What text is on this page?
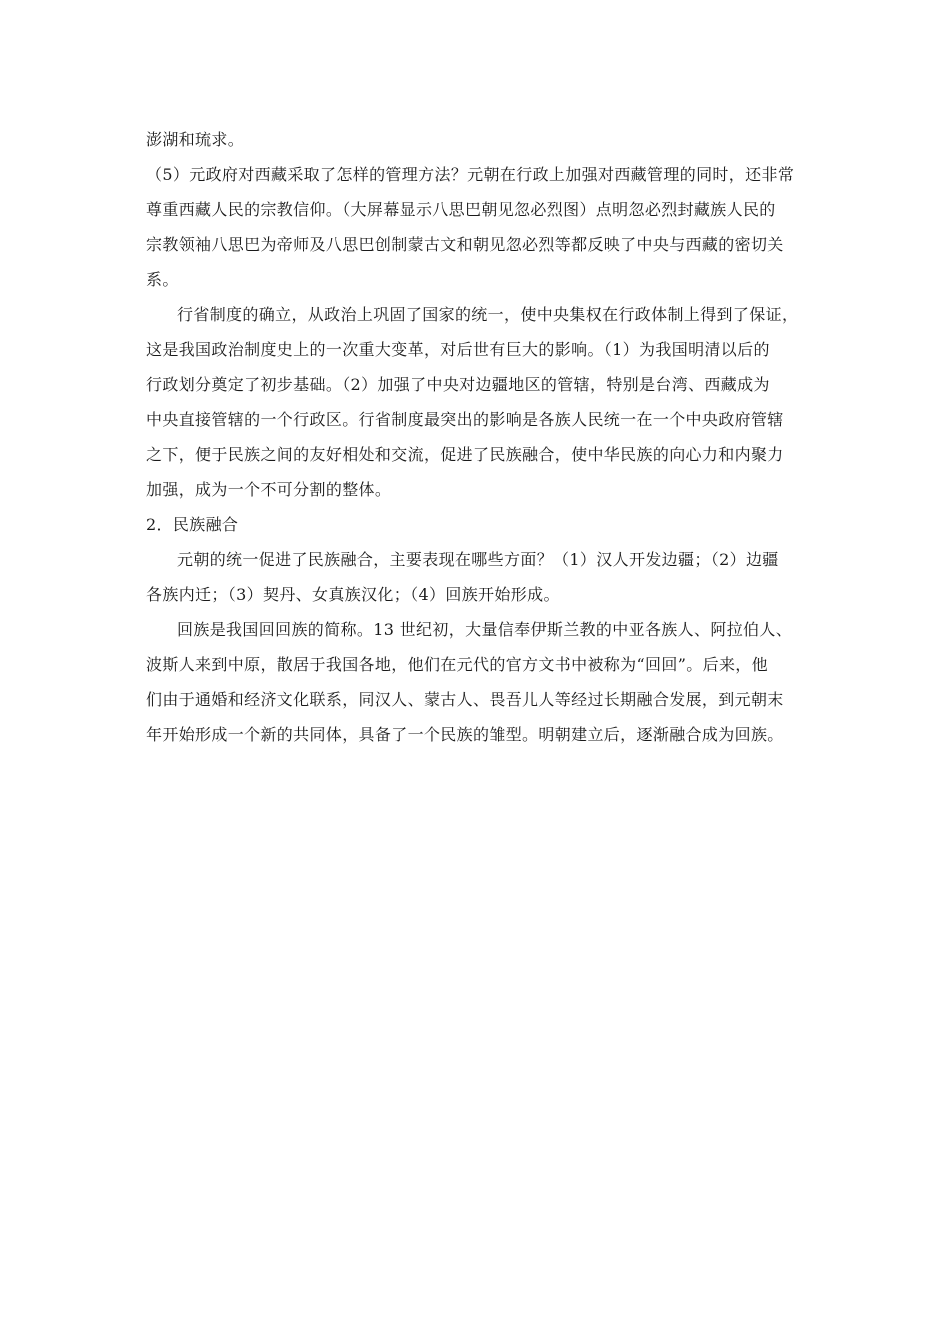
澎湖和琉求。

（5）元政府对西藏采取了怎样的管理方法？元朝在行政上加强对西藏管理的同时，还非常

尊重西藏人民的宗教信仰。（大屏幕显示八思巴朝见忽必烈图）点明忽必烈封藏族人民的

宗教领袖八思巴为帝师及八思巴创制蒙古文和朝见忽必烈等都反映了中央与西藏的密切关

系。

行省制度的确立，从政治上巩固了国家的统一，使中央集权在行政体制上得到了保证，

这是我国政治制度史上的一次重大变革，对后世有巨大的影响。（1）为我国明清以后的

行政划分奠定了初步基础。（2）加强了中央对边疆地区的管辖，特别是台湾、西藏成为

中央直接管辖的一个行政区。行省制度最突出的影响是各族人民统一在一个中央政府管辖

之下，便于民族之间的友好相处和交流，促进了民族融合，使中华民族的向心力和内聚力

加强，成为一个不可分割的整体。

2．民族融合

元朝的统一促进了民族融合，主要表现在哪些方面？（1）汉人开发边疆；（2）边疆

各族内迁；（3）契丹、女真族汉化；（4）回族开始形成。

回族是我国回回族的简称。13 世纪初，大量信奉伊斯兰教的中亚各族人、阿拉伯人、

波斯人来到中原，散居于我国各地，他们在元代的官方文书中被称为“回回”。后来，他

们由于通婚和经济文化联系，同汉人、蒙古人、畏吾儿人等经过长期融合发展，到元朝末

年开始形成一个新的共同体，具备了一个民族的雏型。明朝建立后，逐渐融合成为回族。
